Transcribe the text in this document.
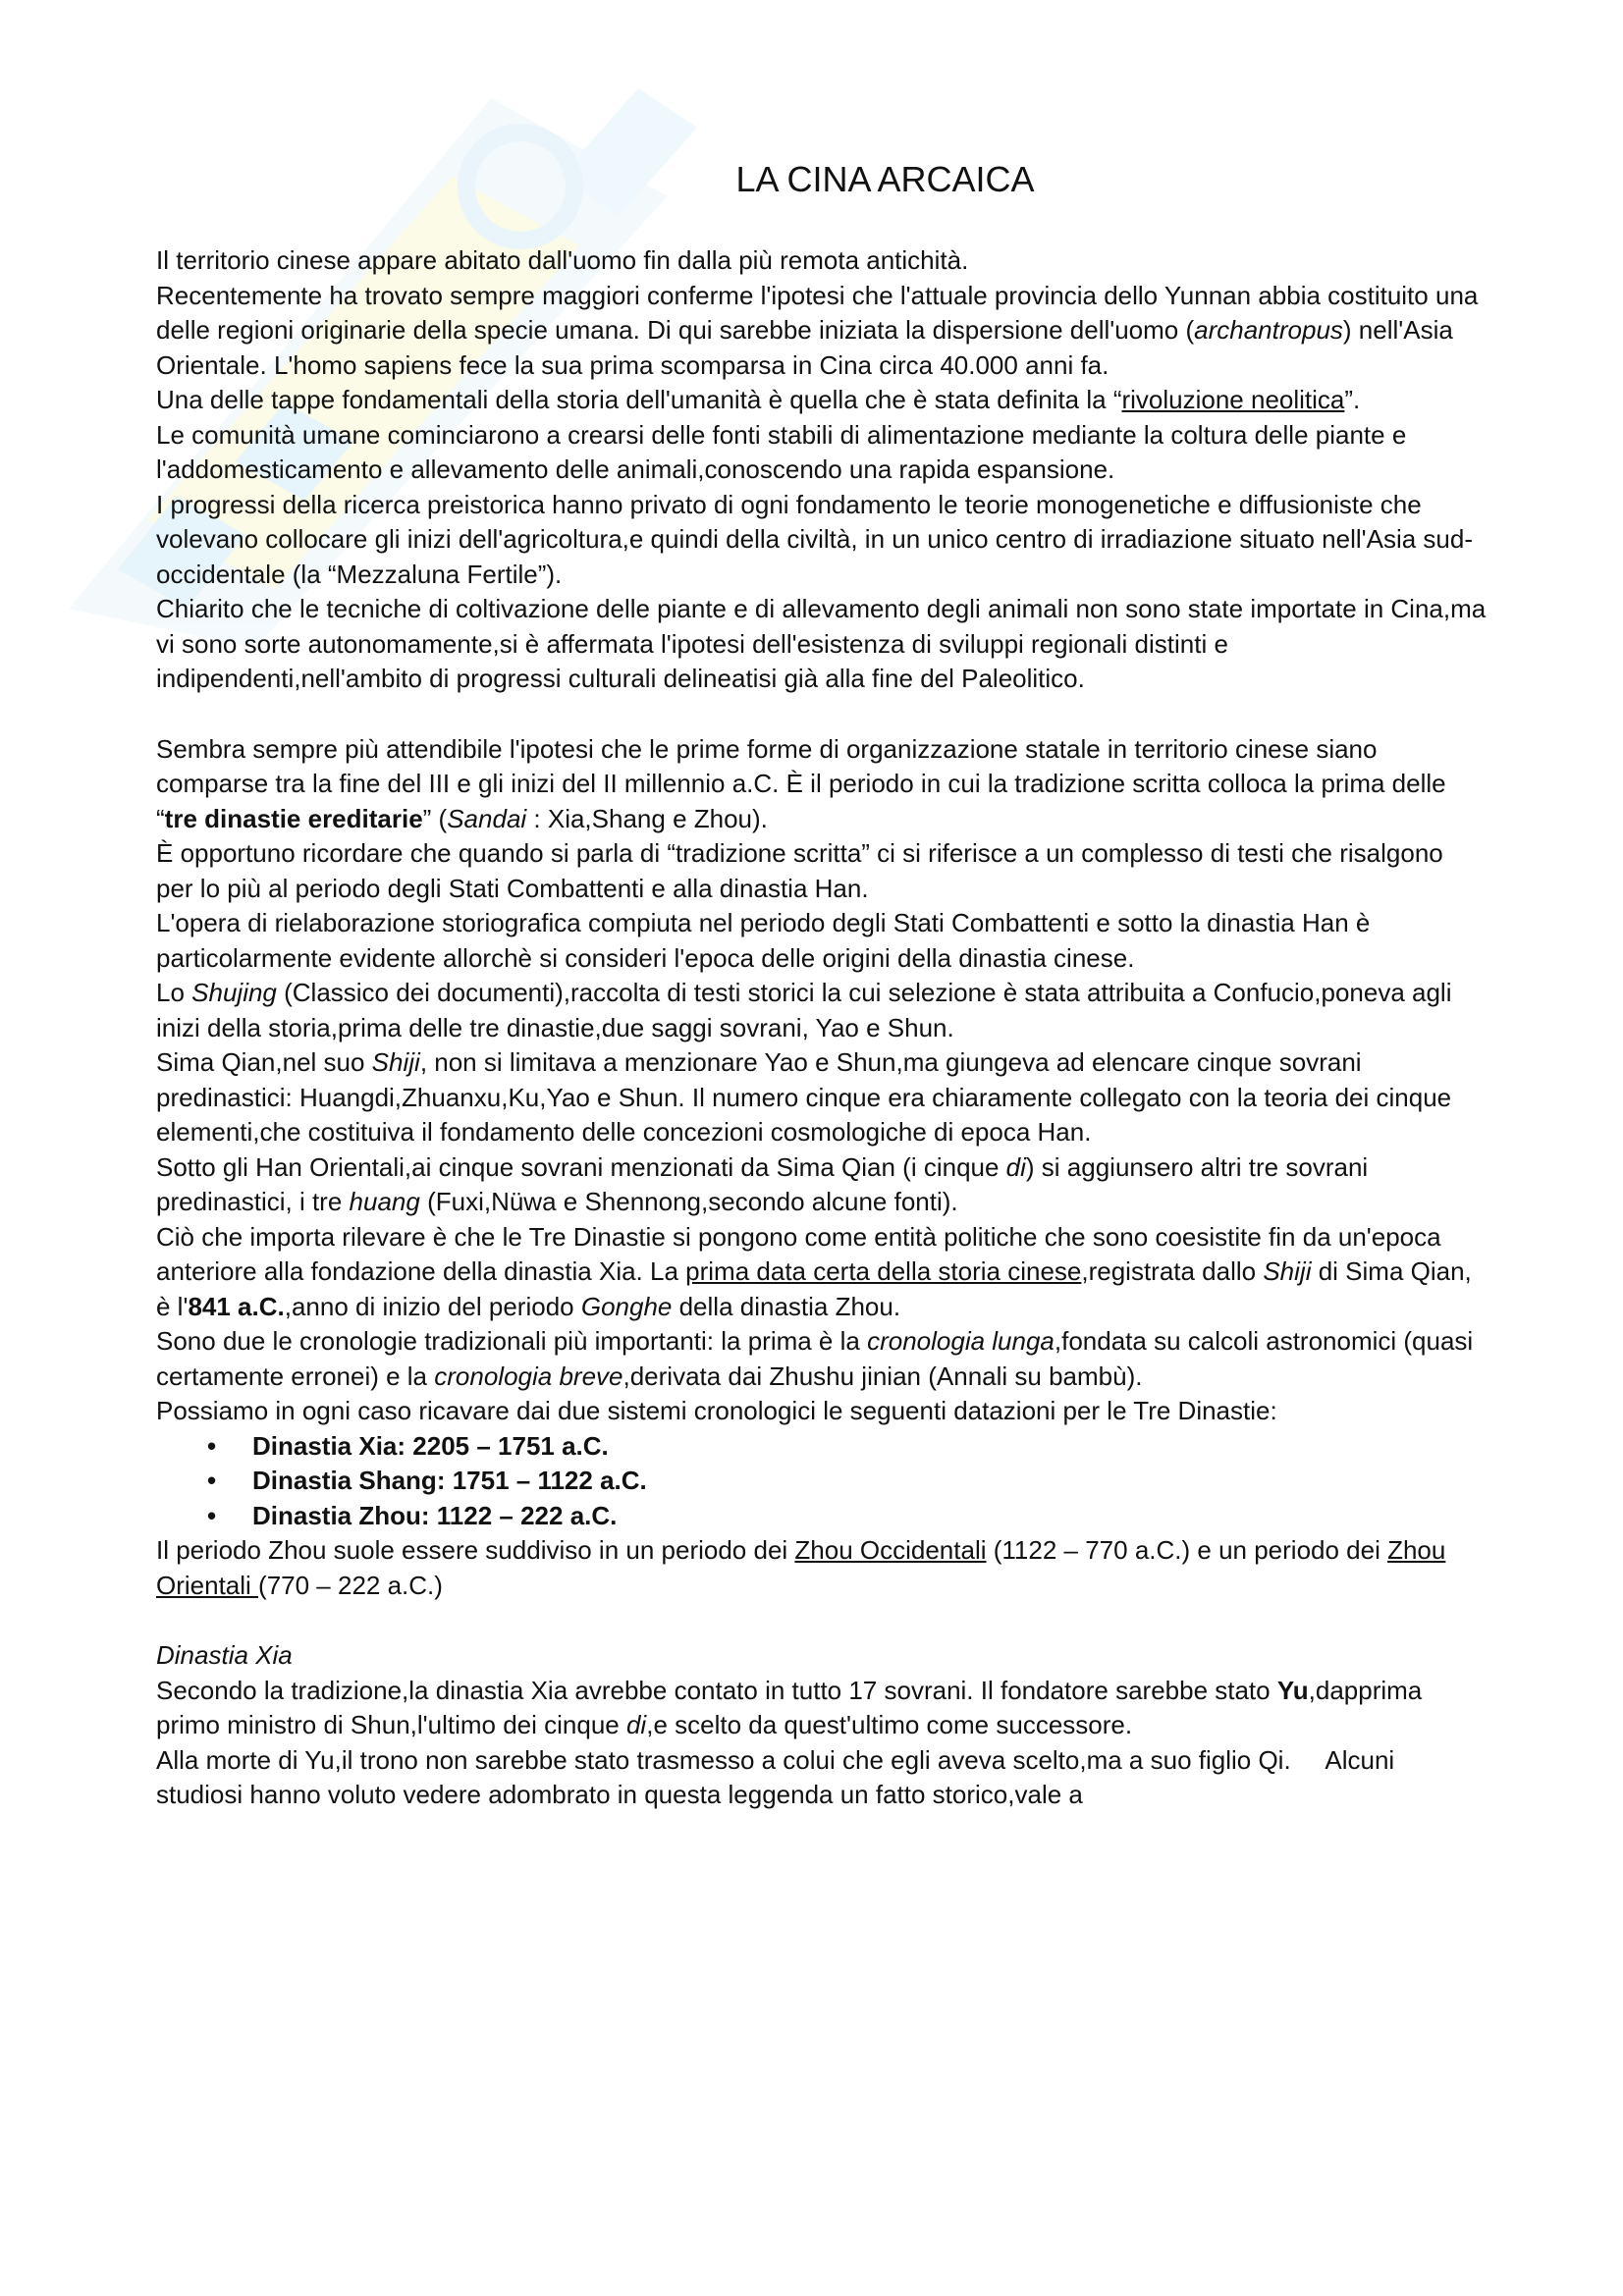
LA CINA ARCAICA

Il territorio cinese appare abitato dall'uomo fin dalla più remota antichità.

Recentemente ha trovato sempre maggiori conferme l'ipotesi che l'attuale provincia dello Yunnan abbia costituito una delle regioni originarie della specie umana. Di qui sarebbe iniziata la dispersione dell'uomo (archantropus) nell'Asia Orientale. L'homo sapiens fece la sua prima scomparsa in Cina circa 40.000 anni fa.

Una delle tappe fondamentali della storia dell'umanità è quella che è stata definita la “rivoluzione neolitica”.

Le comunità umane cominciarono a crearsi delle fonti stabili di alimentazione mediante la coltura delle piante e l'addomesticamento e allevamento delle animali,conoscendo una rapida espansione.

I progressi della ricerca preistorica hanno privato di ogni fondamento le teorie monogenetiche e diffusioniste che volevano collocare gli inizi dell'agricoltura,e quindi della civiltà, in un unico centro di irradiazione situato nell'Asia sud-occidentale (la “Mezzaluna Fertile”).

Chiarito che le tecniche di coltivazione delle piante e di allevamento degli animali non sono state importate in Cina,ma vi sono sorte autonomamente,si è affermata l'ipotesi dell'esistenza di sviluppi regionali distinti e indipendenti,nell'ambito di progressi culturali delineatisi già alla fine del Paleolitico.

Sembra sempre più attendibile l'ipotesi che le prime forme di organizzazione statale in territorio cinese siano comparse tra la fine del III e gli inizi del II millennio a.C. È il periodo in cui la tradizione scritta colloca la prima delle “tre dinastie ereditarie” (Sandai : Xia,Shang e Zhou).

È opportuno ricordare che quando si parla di “tradizione scritta” ci si riferisce a un complesso di testi che risalgono per lo più al periodo degli Stati Combattenti e alla dinastia Han.

L'opera di rielaborazione storiografica compiuta nel periodo degli Stati Combattenti e sotto la dinastia Han è particolarmente evidente allorchè si consideri l'epoca delle origini della dinastia cinese.

Lo Shujing (Classico dei documenti),raccolta di testi storici la cui selezione è stata attribuita a Confucio,poneva agli inizi della storia,prima delle tre dinastie,due saggi sovrani, Yao e Shun.

Sima Qian,nel suo Shiji, non si limitava a menzionare Yao e Shun,ma giungeva ad elencare cinque sovrani predinastici: Huangdi,Zhuanxu,Ku,Yao e Shun. Il numero cinque era chiaramente collegato con la teoria dei cinque elementi,che costituiva il fondamento delle concezioni cosmologiche di epoca Han.

Sotto gli Han Orientali,ai cinque sovrani menzionati da Sima Qian (i cinque di) si aggiunsero altri tre sovrani predinastici, i tre huang (Fuxi,Nüwa e Shennong,secondo alcune fonti).

Ciò che importa rilevare è che le Tre Dinastie si pongono come entità politiche che sono coesistite fin da un'epoca anteriore alla fondazione della dinastia Xia. La prima data certa della storia cinese,registrata dallo Shiji di Sima Qian, è l'841 a.C.,anno di inizio del periodo Gonghe della dinastia Zhou.

Sono due le cronologie tradizionali più importanti: la prima è la cronologia lunga,fondata su calcoli astronomici (quasi certamente erronei) e la cronologia breve,derivata dai Zhushu jinian (Annali su bambù).

Possiamo in ogni caso ricavare dai due sistemi cronologici le seguenti datazioni per le Tre Dinastie:

• Dinastia Xia: 2205 – 1751 a.C.
• Dinastia Shang: 1751 – 1122 a.C.
• Dinastia Zhou: 1122 – 222 a.C.

Il periodo Zhou suole essere suddiviso in un periodo dei Zhou Occidentali (1122 – 770 a.C.) e un periodo dei Zhou Orientali (770 – 222 a.C.)

Dinastia Xia

Secondo la tradizione,la dinastia Xia avrebbe contato in tutto 17 sovrani. Il fondatore sarebbe stato Yu,dapprima primo ministro di Shun,l'ultimo dei cinque di,e scelto da quest'ultimo come successore.

Alla morte di Yu,il trono non sarebbe stato trasmesso a colui che egli aveva scelto,ma a suo figlio Qi.     Alcuni studiosi hanno voluto vedere adombrato in questa leggenda un fatto storico,vale a
